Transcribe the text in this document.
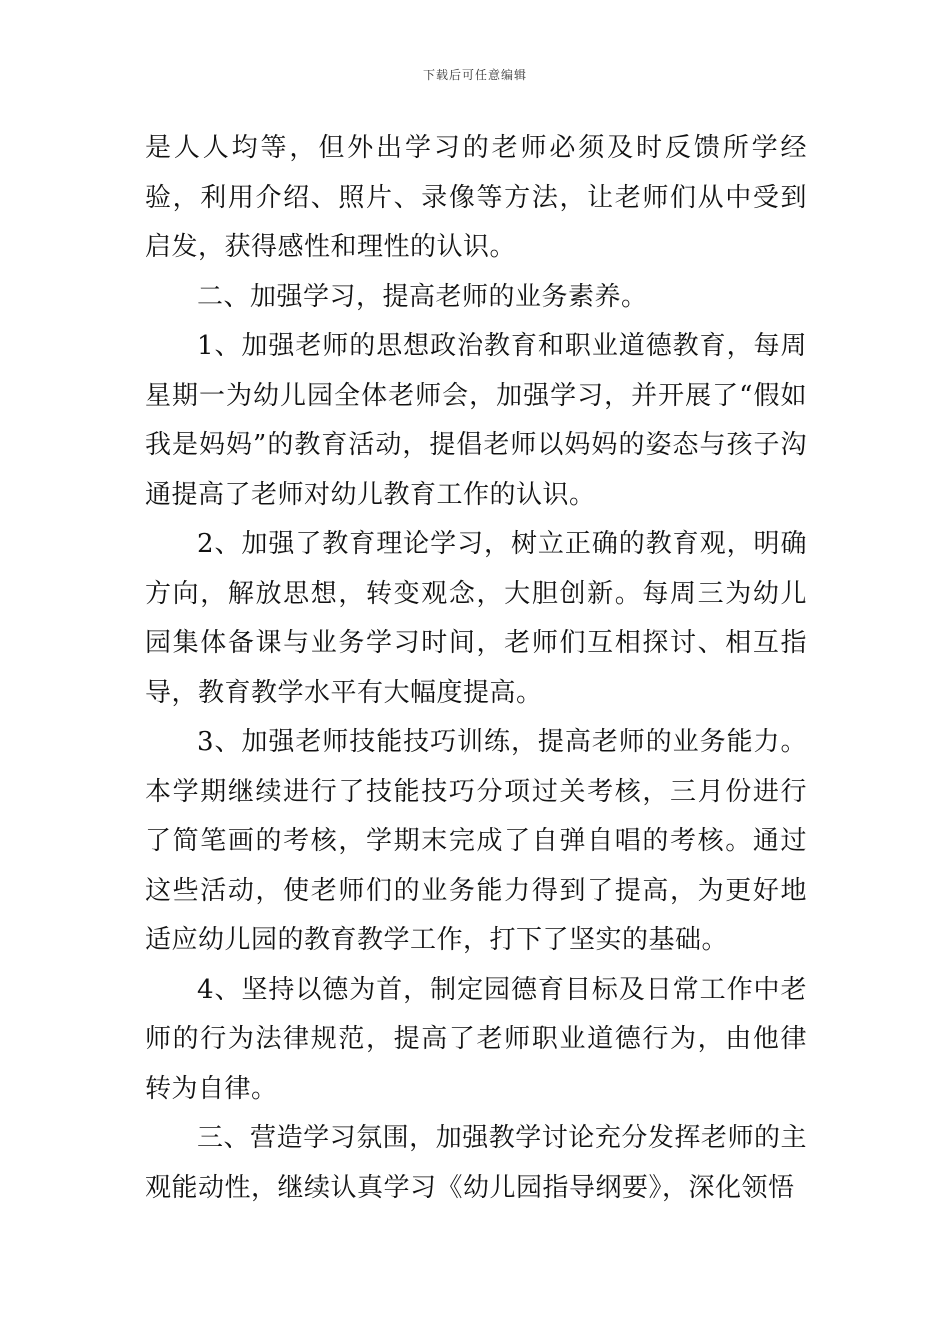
下载后可任意编辑

是人人均等，但外出学习的老师必须及时反馈所学经验，利用介绍、照片、录像等方法，让老师们从中受到启发，获得感性和理性的认识。

二、加强学习，提高老师的业务素养。

1、加强老师的思想政治教育和职业道德教育，每周星期一为幼儿园全体老师会，加强学习，并开展了“假如我是妈妈”的教育活动，提倡老师以妈妈的姿态与孩子沟通提高了老师对幼儿教育工作的认识。

2、加强了教育理论学习，树立正确的教育观，明确方向，解放思想，转变观念，大胆创新。每周三为幼儿园集体备课与业务学习时间，老师们互相探讨、相互指导，教育教学水平有大幅度提高。

3、加强老师技能技巧训练，提高老师的业务能力。本学期继续进行了技能技巧分项过关考核，三月份进行了简笔画的考核，学期末完成了自弹自唱的考核。通过这些活动，使老师们的业务能力得到了提高，为更好地适应幼儿园的教育教学工作，打下了坚实的基础。

4、坚持以德为首，制定园德育目标及日常工作中老师的行为法律规范，提高了老师职业道德行为，由他律转为自律。

三、营造学习氛围，加强教学讨论充分发挥老师的主观能动性，继续认真学习《幼儿园指导纲要》，深化领悟
